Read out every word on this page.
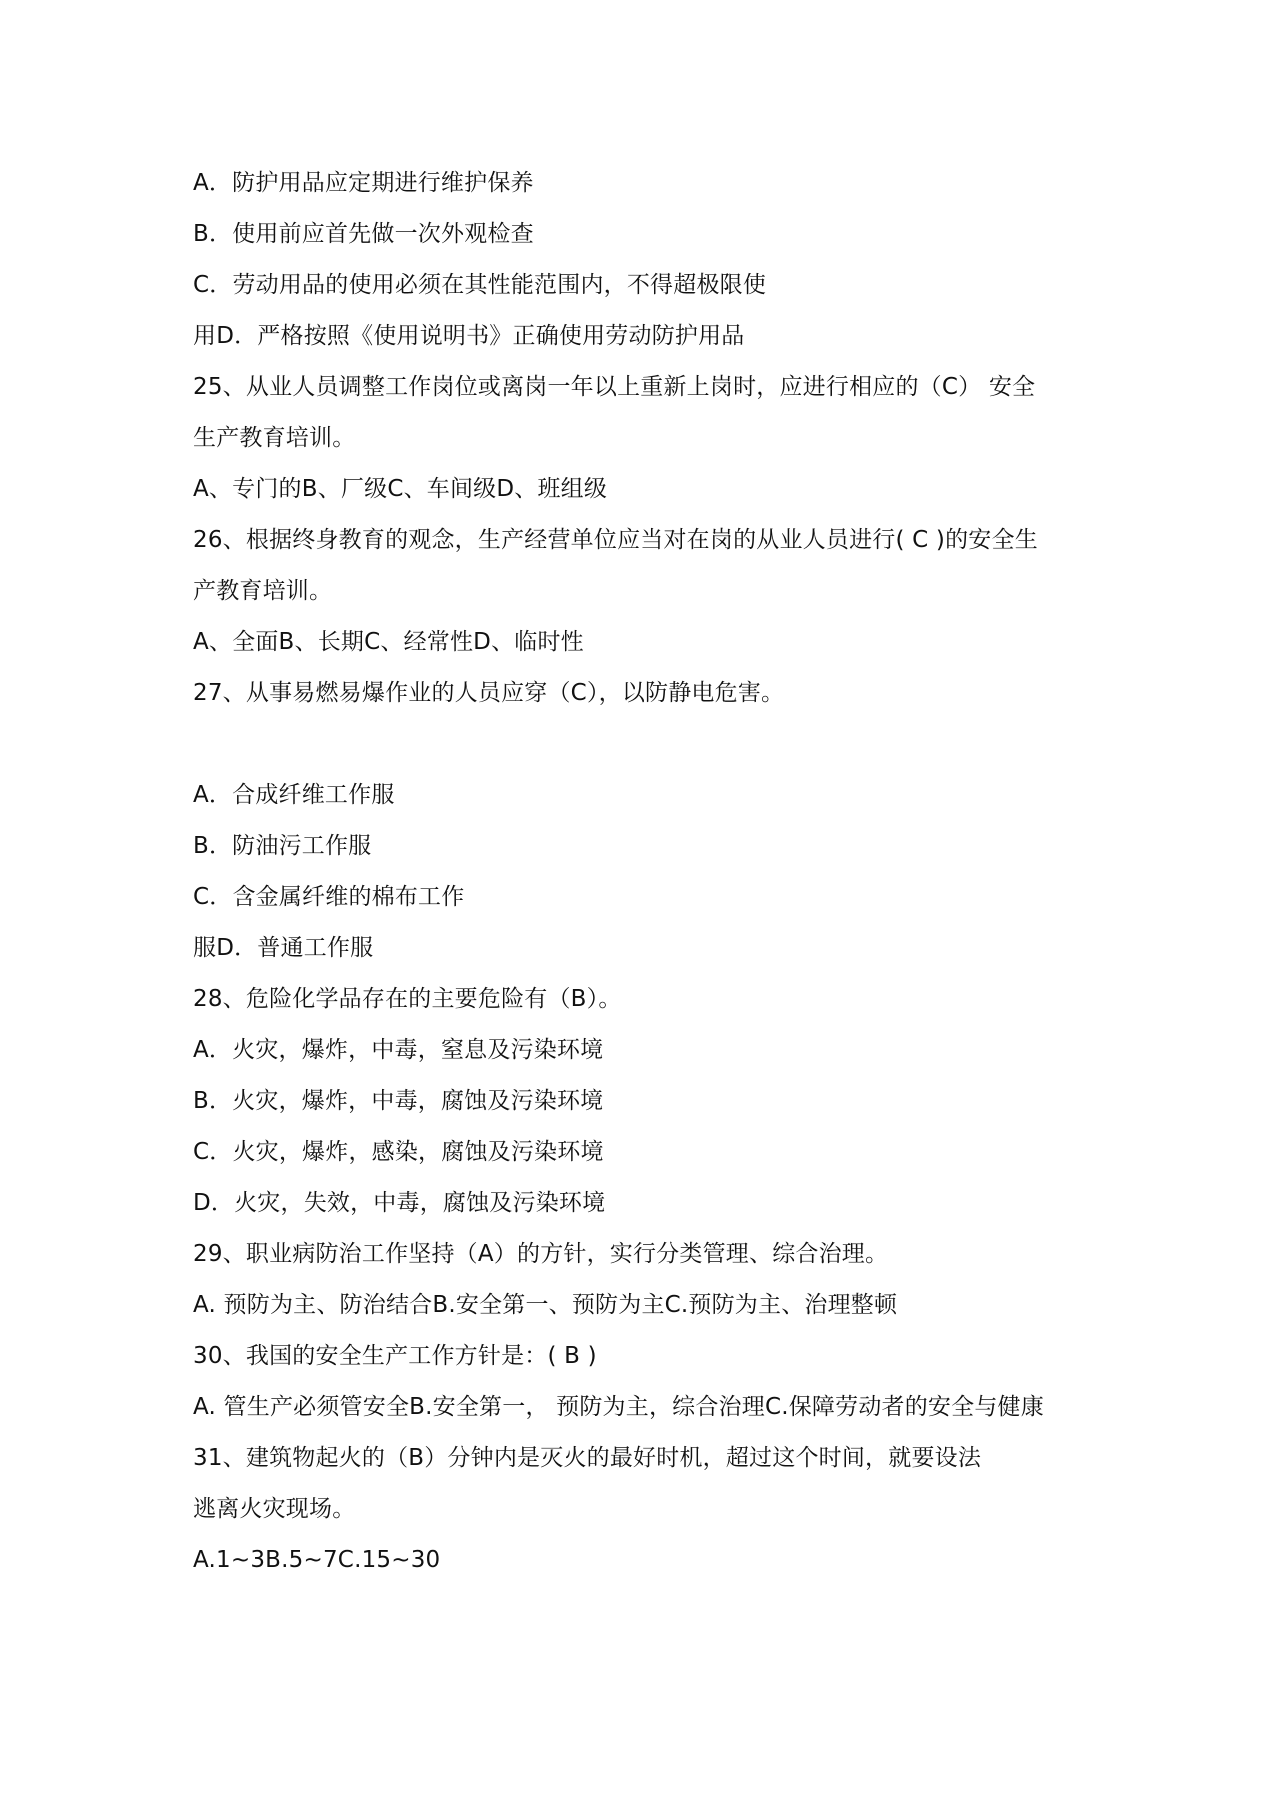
A．防护用品应定期进行维护保养
B．使用前应首先做一次外观检查
C．劳动用品的使用必须在其性能范围内，不得超极限使
用D．严格按照《使用说明书》正确使用劳动防护用品
25、从业人员调整工作岗位或离岗一年以上重新上岗时，应进行相应的（C） 安全
生产教育培训。
A、专门的B、厂级C、车间级D、班组级
26、根据终身教育的观念，生产经营单位应当对在岗的从业人员进行( C )的安全生
产教育培训。
A、全面B、长期C、经常性D、临时性
27、从事易燃易爆作业的人员应穿（C），以防静电危害。
A．合成纤维工作服
B．防油污工作服
C．含金属纤维的棉布工作
服D．普通工作服
28、危险化学品存在的主要危险有（B）。
A．火灾，爆炸，中毒，窒息及污染环境
B．火灾，爆炸，中毒，腐蚀及污染环境
C．火灾，爆炸，感染，腐蚀及污染环境
D．火灾，失效，中毒，腐蚀及污染环境
29、职业病防治工作坚持（A）的方针，实行分类管理、综合治理。
A. 预防为主、防治结合B.安全第一、预防为主C.预防为主、治理整顿
30、我国的安全生产工作方针是：( B )
A. 管生产必须管安全B.安全第一， 预防为主，综合治理C.保障劳动者的安全与健康
31、建筑物起火的（B）分钟内是灭火的最好时机，超过这个时间，就要设法
逃离火灾现场。
A.1~3B.5~7C.15~30
